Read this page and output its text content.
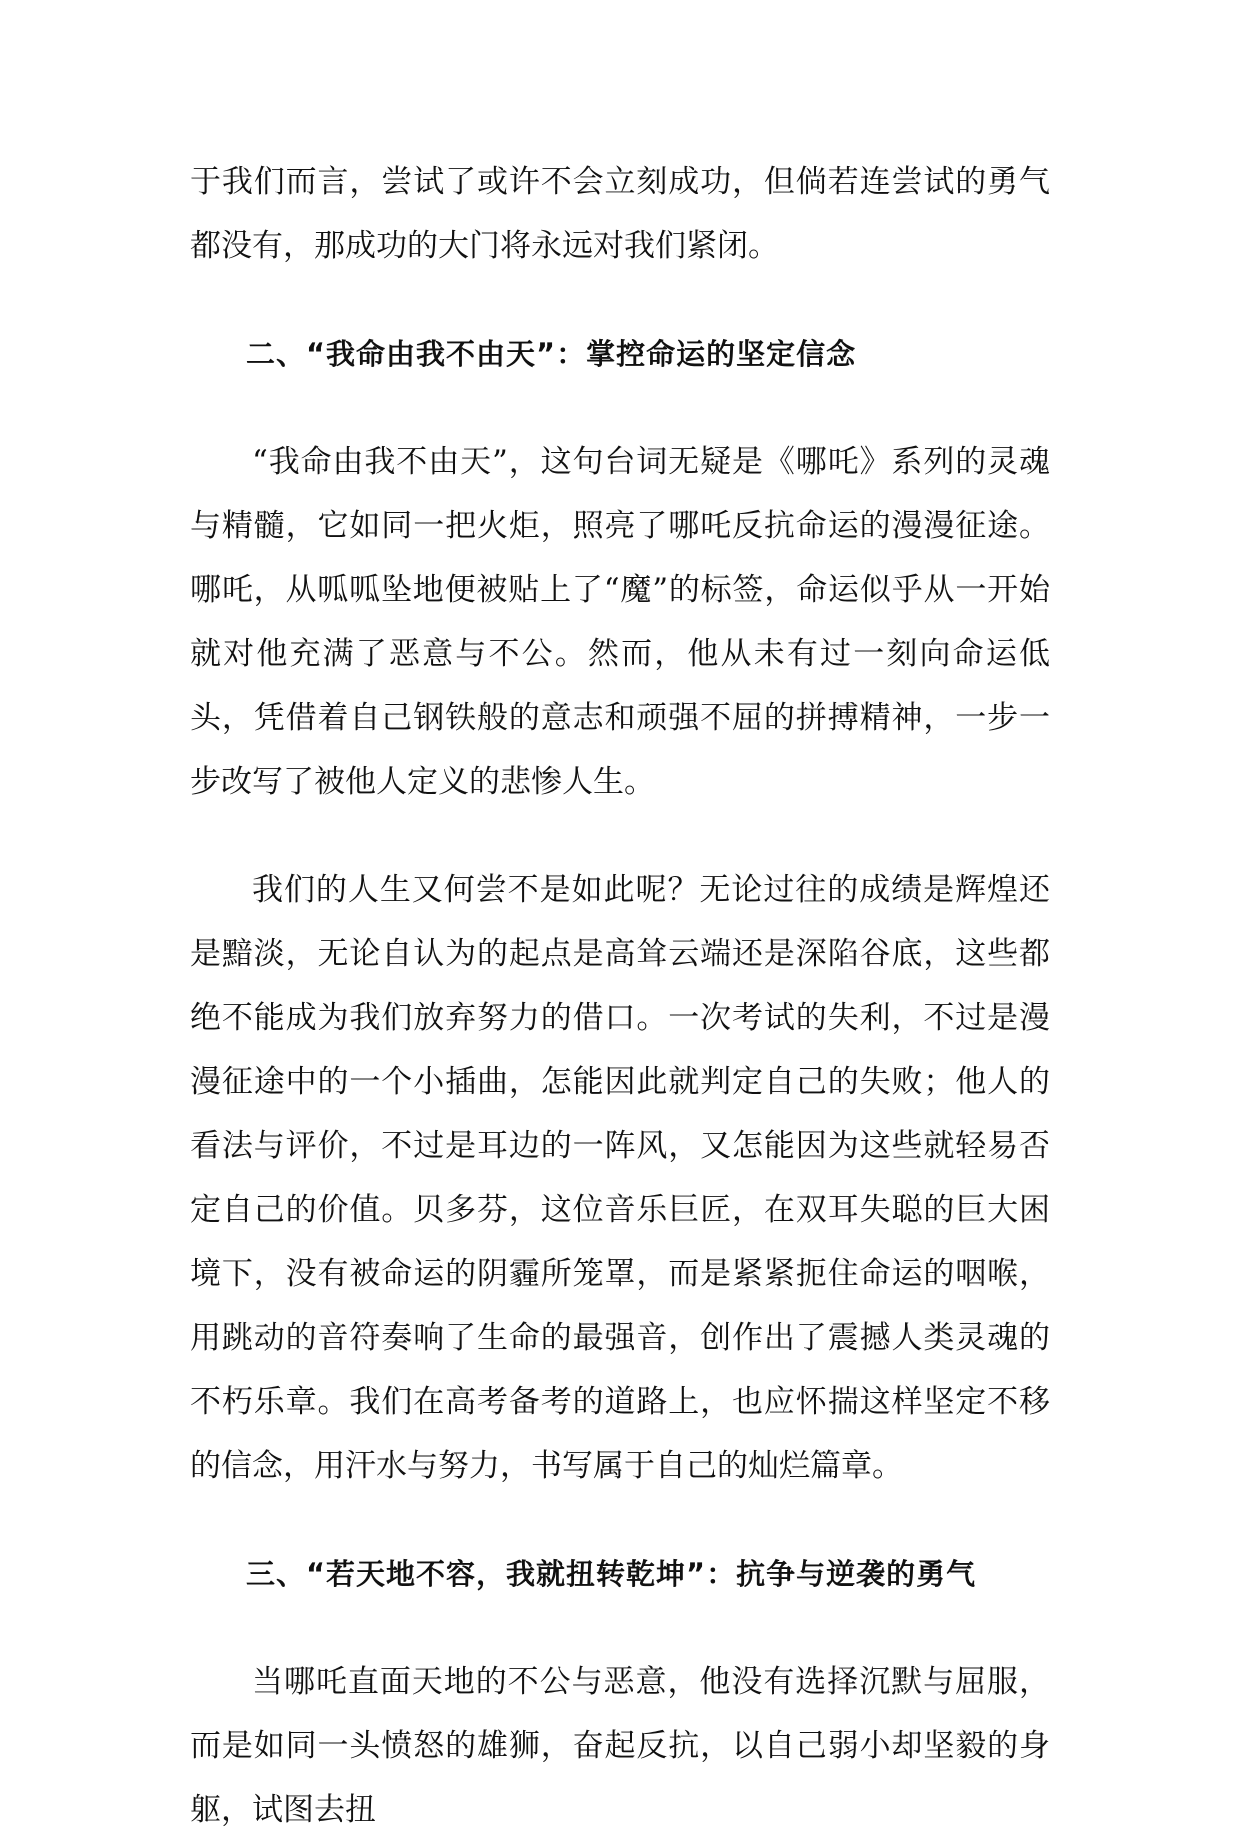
于我们而言，尝试了或许不会立刻成功，但倘若连尝试的勇气都没有，那成功的大门将永远对我们紧闭。

二、“我命由我不由天”：掌控命运的坚定信念

“我命由我不由天”，这句台词无疑是《哪吒》系列的灵魂与精髓，它如同一把火炬，照亮了哪吒反抗命运的漫漫征途。哪吒，从呱呱坠地便被贴上了“魔”的标签，命运似乎从一开始就对他充满了恶意与不公。然而，他从未有过一刻向命运低头，凭借着自己钢铁般的意志和顽强不屈的拼搏精神，一步一步改写了被他人定义的悲惨人生。

我们的人生又何尝不是如此呢？无论过往的成绩是辉煌还是黯淡，无论自认为的起点是高耸云端还是深陷谷底，这些都绝不能成为我们放弃努力的借口。一次考试的失利，不过是漫漫征途中的一个小插曲，怎能因此就判定自己的失败；他人的看法与评价，不过是耳边的一阵风，又怎能因为这些就轻易否定自己的价值。贝多芬，这位音乐巨匠，在双耳失聪的巨大困境下，没有被命运的阴霾所笼罩，而是紧紧扼住命运的咽喉，用跳动的音符奏响了生命的最强音，创作出了震撼人类灵魂的不朽乐章。我们在高考备考的道路上，也应怀揣这样坚定不移的信念，用汗水与努力，书写属于自己的灿烂篇章。

三、“若天地不容，我就扭转乾坤”：抗争与逆袭的勇气

当哪吒直面天地的不公与恶意，他没有选择沉默与屈服，而是如同一头愤怒的雄狮，奋起反抗，以自己弱小却坚毅的身躯，试图去扭
